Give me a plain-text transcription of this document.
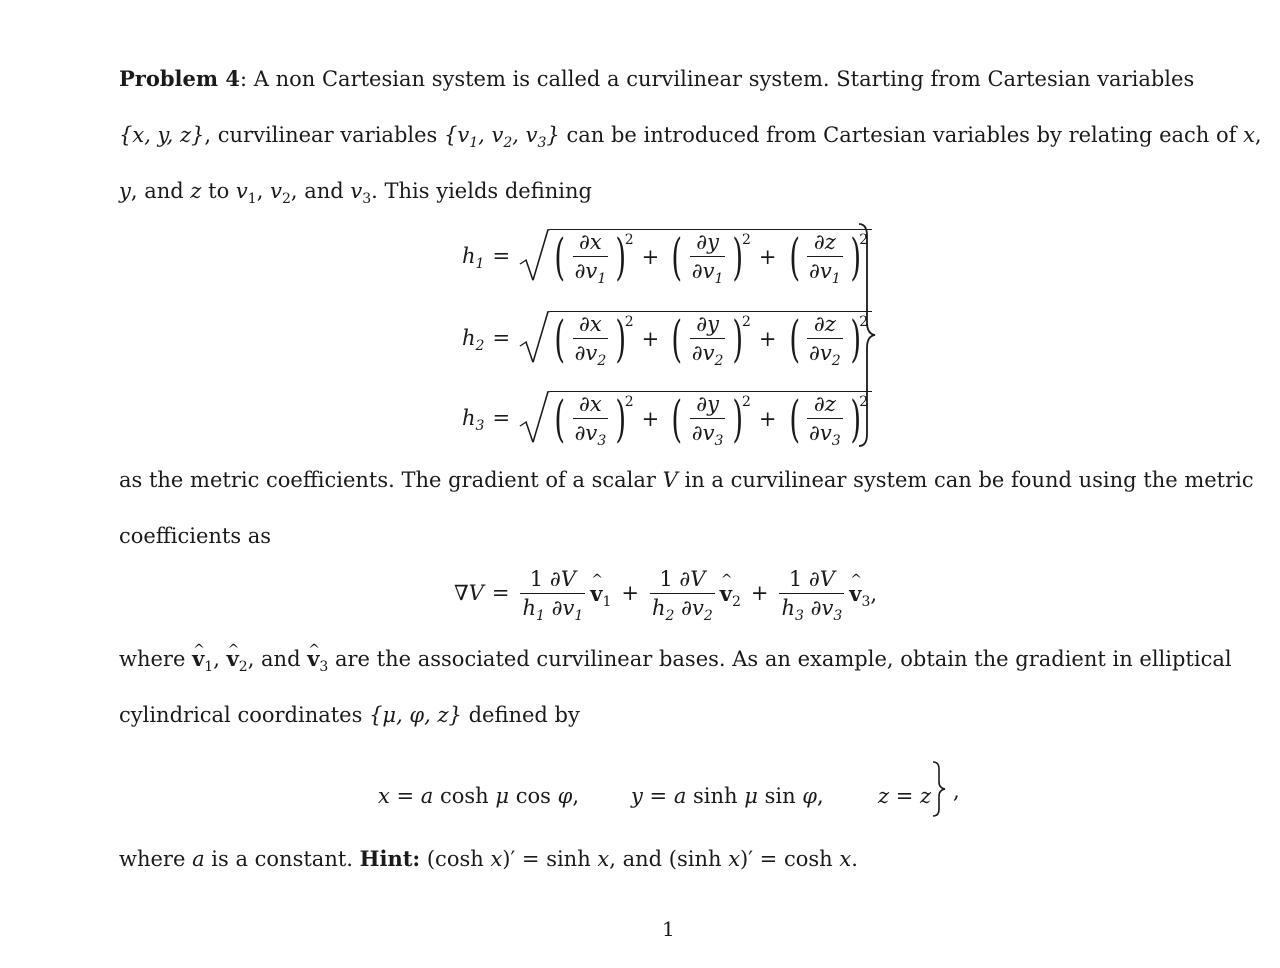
Problem 4: A non Cartesian system is called a curvilinear system. Starting from Cartesian variables
{x, y, z}, curvilinear variables {$v_1$, $v_2$, $v_3$} can be introduced from Cartesian variables by relating each of x,
y, and z to $v_1$, $v_2$, and $v_3$. This yields defining
$h_1$ = ( $\frac{\partial x}{\partial v_1}$ )
2
+ ( $\frac{\partial y}{\partial v_1}$ )
2
+ ( $\frac{\partial z}{\partial v_1}$ )
2
$h_2$ = ( $\frac{\partial x}{\partial v_2}$ )
2
+ ( $\frac{\partial y}{\partial v_2}$ )
2
+ ( $\frac{\partial z}{\partial v_2}$ )
2
$h_3$ = ( $\frac{\partial x}{\partial v_3}$ )
2
+ ( $\frac{\partial y}{\partial v_3}$ )
2
+ ( $\frac{\partial z}{\partial v_3}$ )
2
as the metric coefficients. The gradient of a scalar V in a curvilinear system can be found using the metric
coefficients as
$\nabla V = \frac{1 \partial V}{h_1 \partial v_1}$ ^ $v_1 + \frac{1 \partial V}{h_2 \partial v_2}$ ^ $v_2 + \frac{1 \partial V}{h_3 \partial v_3}$ ^ $v_3$,
where ^ $v_1$, ^ $v_2$, and ^ $v_3$ are the associated curvilinear bases. As an example, obtain the gradient in elliptical
cylindrical coordinates {μ, φ, z} defined by
x = a cosh μ cos φ, y = a sinh μ sin φ,	z = z ,
where a is a constant. Hint: (cosh x)′ = sinh x, and (sinh x)′ = cosh x.
1
